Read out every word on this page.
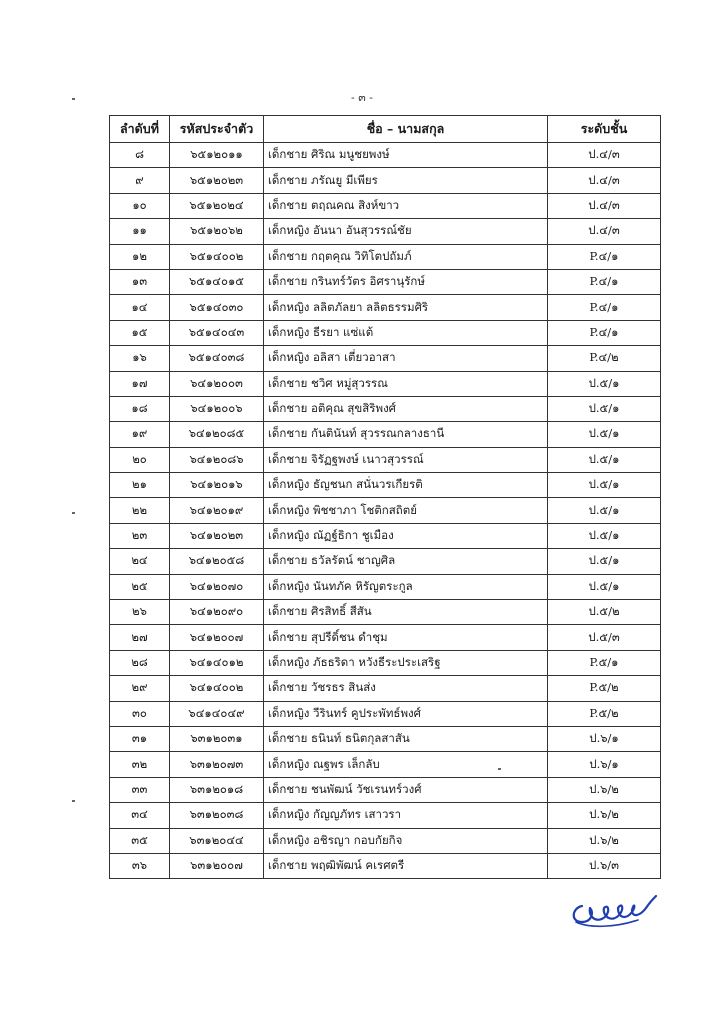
- ๓ -
ลำดับที่	รหัสประจำตัว	ชื่อ – นามสกุล	ระดับชั้น
๘	๖๕๑๒๐๑๑	เด็กชาย ศิริณ มนูชยพงษ์	ป.๔/๓
๙	๖๕๑๒๐๒๓	เด็กชาย ภรัณยู มีเพียร	ป.๔/๓
๑๐	๖๕๑๒๐๒๔	เด็กชาย ตฤณคณ สิงห์ขาว	ป.๔/๓
๑๑	๖๕๑๒๐๖๒	เด็กหญิง อันนา อันสุวรรณ์ชัย	ป.๔/๓
๑๒	๖๕๑๔๐๐๒	เด็กชาย กฤตคุณ วิทิโตปถัมภ์	P.๔/๑
๑๓	๖๕๑๔๐๑๕	เด็กชาย กรินทร์วัตร อิศรานุรักษ์	P.๔/๑
๑๔	๖๕๑๔๐๓๐	เด็กหญิง ลลิตภัลยา ลลิตธรรมศิริ	P.๔/๑
๑๕	๖๕๑๔๐๔๓	เด็กหญิง ธีรยา แซ่แต้	P.๔/๑
๑๖	๖๕๑๔๐๓๘	เด็กหญิง อลิสา เตี่ยวอาสา	P.๔/๒
๑๗	๖๔๑๒๐๐๓	เด็กชาย ชวิศ หมู่สุวรรณ	ป.๕/๑
๑๘	๖๔๑๒๐๐๖	เด็กชาย อติคุณ สุขสิริพงศ์	ป.๕/๑
๑๙	๖๔๑๒๐๘๕	เด็กชาย กันตินันท์ สุวรรณกลางธานี	ป.๕/๑
๒๐	๖๔๑๒๐๘๖	เด็กชาย จิรัฏฐพงษ์ เนาวสุวรรณ์	ป.๕/๑
๒๑	๖๔๑๒๐๑๖	เด็กหญิง ธัญชนก สนั่นวรเกียรติ	ป.๕/๑
๒๒	๖๔๑๒๐๑๙	เด็กหญิง พิชชาภา โชติกสถิตย์	ป.๕/๑
๒๓	๖๔๑๒๐๒๓	เด็กหญิง ณัฏฐ์ธิกา ชูเมือง	ป.๕/๑
๒๔	๖๔๑๒๐๕๘	เด็กชาย ธวัลรัตน์ ชาญศิล	ป.๕/๑
๒๕	๖๔๑๒๐๗๐	เด็กหญิง นันทภัค หิรัญตระกูล	ป.๕/๑
๒๖	๖๔๑๒๐๙๐	เด็กชาย ศิรสิทธิ์ สีสัน	ป.๕/๒
๒๗	๖๔๑๒๐๐๗	เด็กชาย สุปรีดิ์ชน ดำชุม	ป.๕/๓
๒๘	๖๔๑๔๐๑๒	เด็กหญิง ภัธธริดา หวังธีระประเสริฐ	P.๕/๑
๒๙	๖๔๑๔๐๐๒	เด็กชาย วัชรธร สินส่ง	P.๕/๒
๓๐	๖๔๑๔๐๔๙	เด็กหญิง วีรินทร์ คูประพัทธ์พงศ์	P.๕/๒
๓๑	๖๓๑๒๐๓๑	เด็กชาย ธนินท์ ธนิตกุลสาสัน	ป.๖/๑
๓๒	๖๓๑๒๐๗๓	เด็กหญิง ณฐพร เล็กลับ	ป.๖/๑
๓๓	๖๓๑๒๐๑๘	เด็กชาย ชนพัฒน์ วัชเรนทร์วงศ์	ป.๖/๒
๓๔	๖๓๑๒๐๓๘	เด็กหญิง กัญญภัทร เสาวรา	ป.๖/๒
๓๕	๖๓๑๒๐๔๔	เด็กหญิง อชิรญา กอบกัยกิจ	ป.๖/๒
๓๖	๖๓๑๒๐๐๗	เด็กชาย พฤฒิพัฒน์ คเรศตรี	ป.๖/๓
